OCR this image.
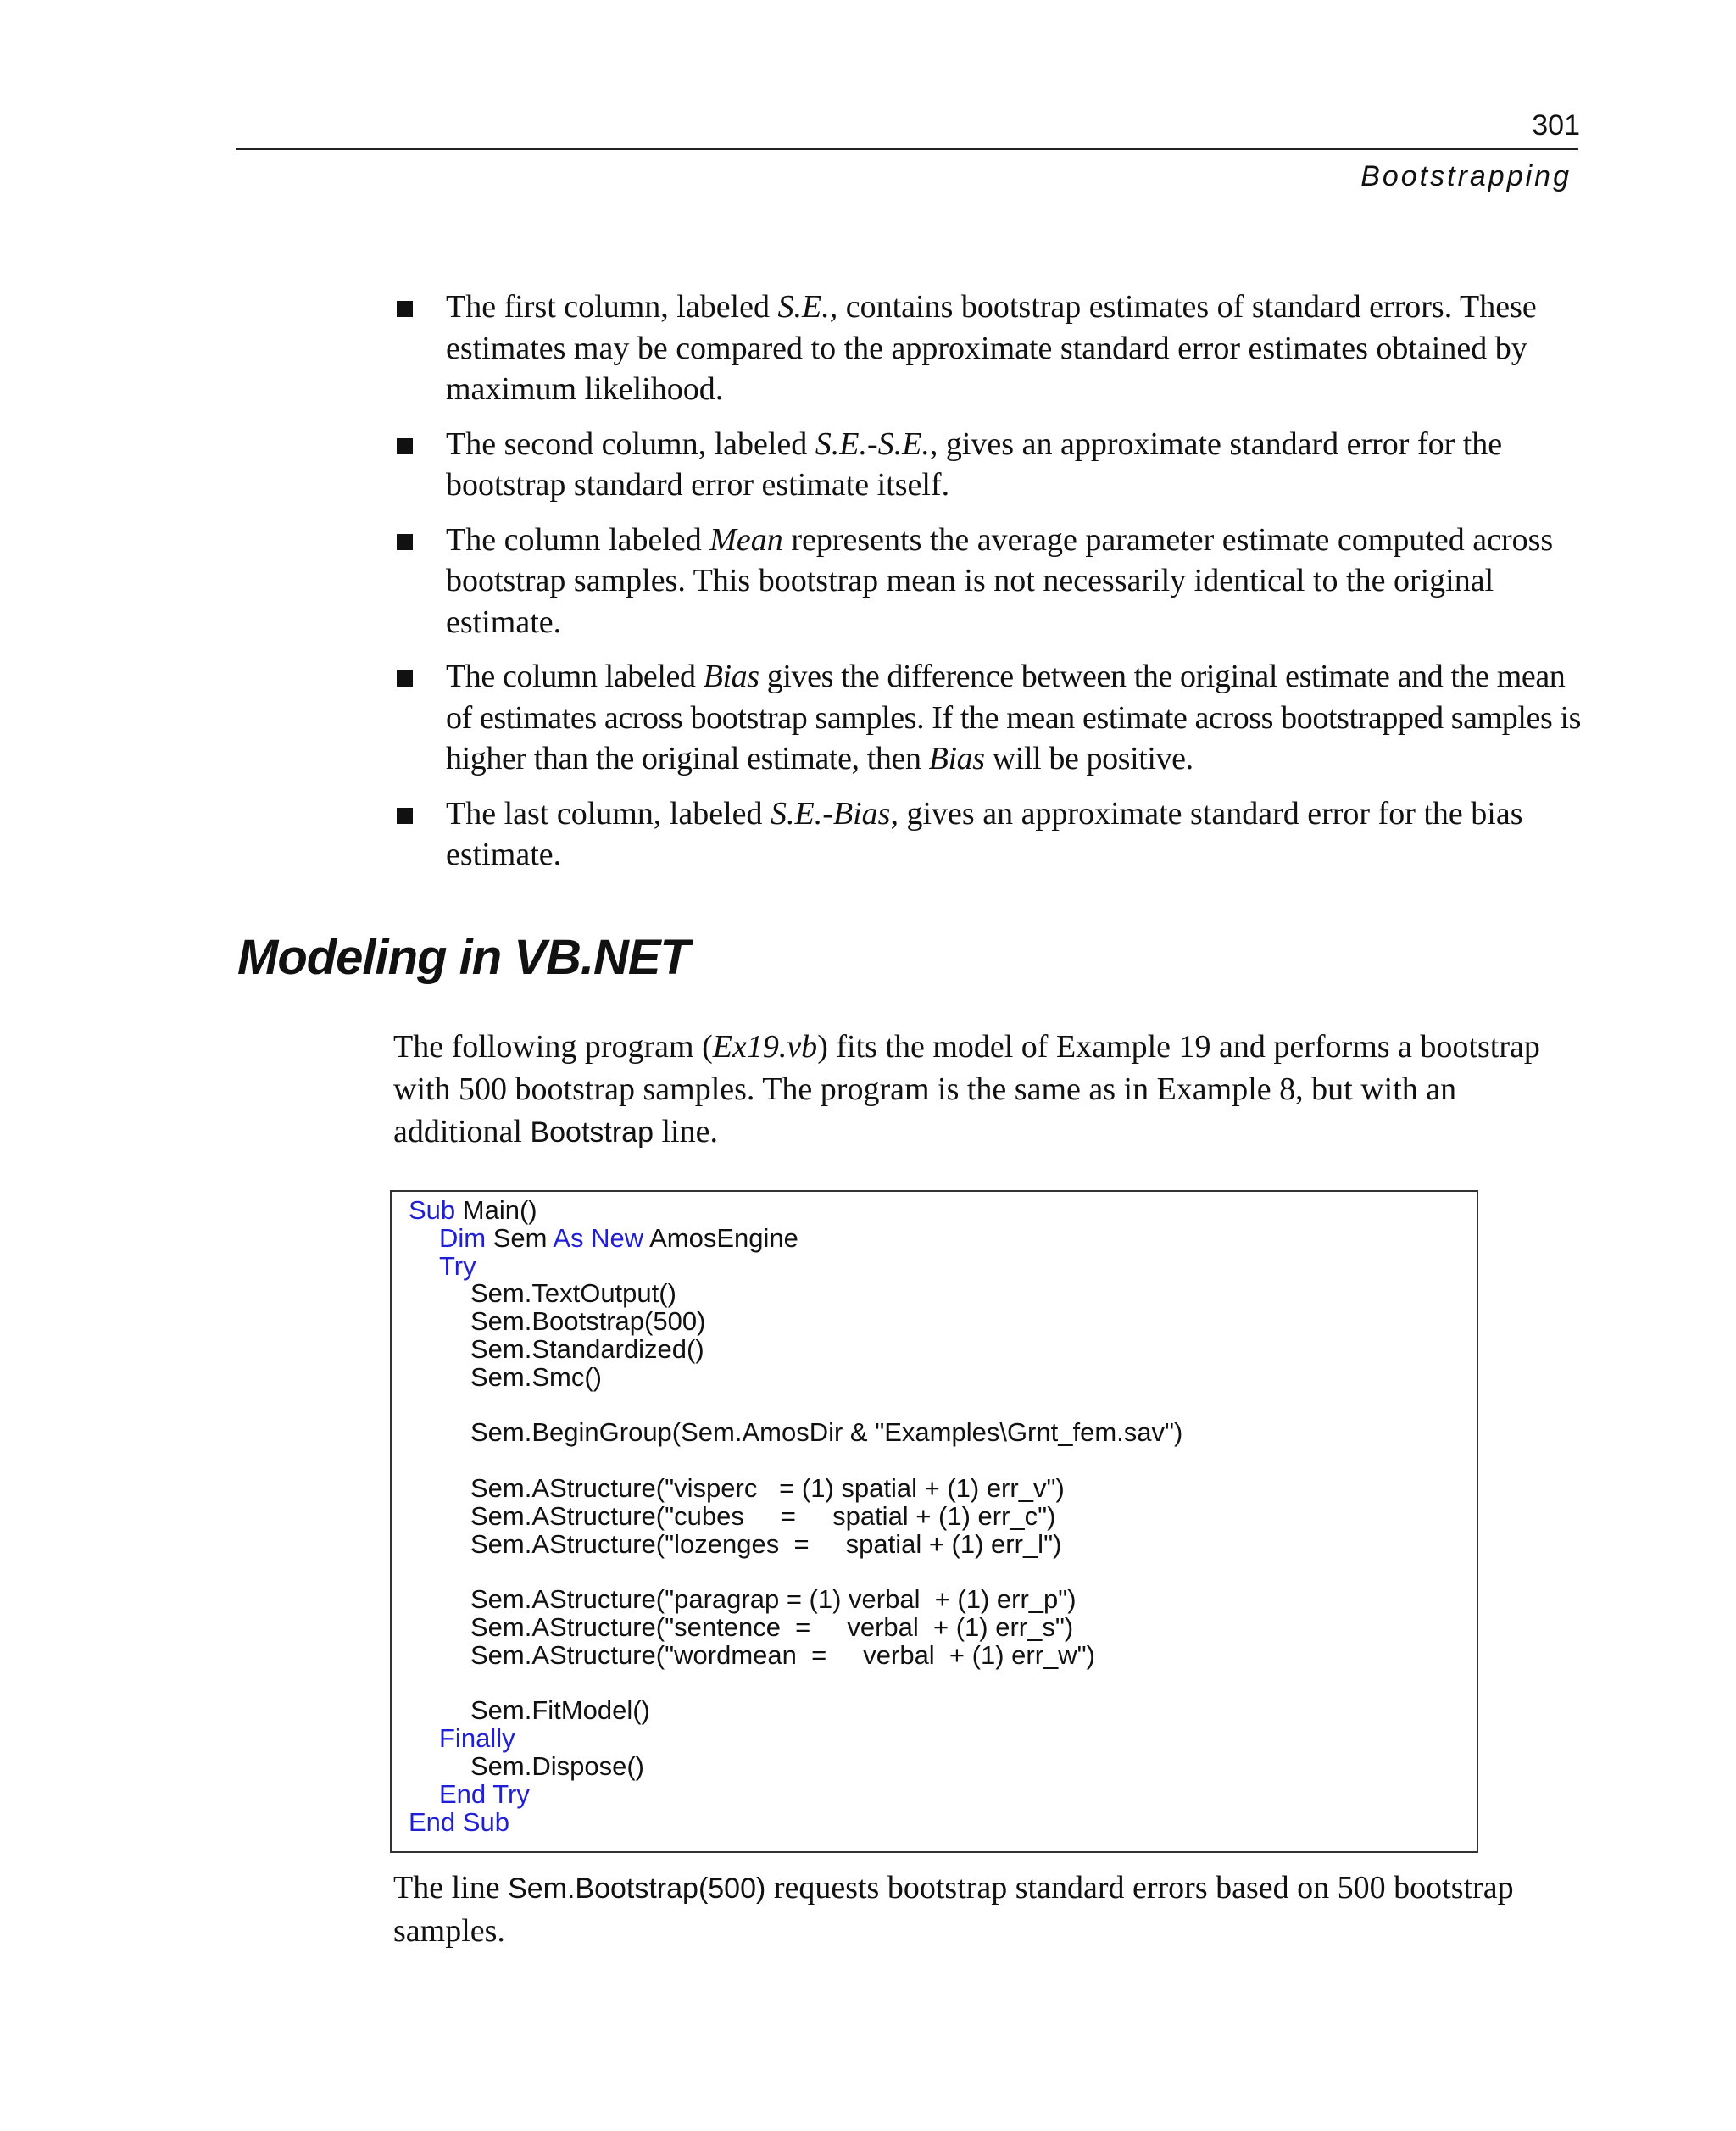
301
Bootstrapping
The first column, labeled S.E., contains bootstrap estimates of standard errors. These estimates may be compared to the approximate standard error estimates obtained by maximum likelihood.
The second column, labeled S.E.-S.E., gives an approximate standard error for the bootstrap standard error estimate itself.
The column labeled Mean represents the average parameter estimate computed across bootstrap samples. This bootstrap mean is not necessarily identical to the original estimate.
The column labeled Bias gives the difference between the original estimate and the mean of estimates across bootstrap samples. If the mean estimate across bootstrapped samples is higher than the original estimate, then Bias will be positive.
The last column, labeled S.E.-Bias, gives an approximate standard error for the bias estimate.
Modeling in VB.NET

The following program (Ex19.vb) fits the model of Example 19 and performs a bootstrap with 500 bootstrap samples. The program is the same as in Example 8, but with an additional Bootstrap line.

Sub Main()
Dim Sem As New AmosEngine
Try
Sem.TextOutput()
Sem.Bootstrap(500)
Sem.Standardized()
Sem.Smc()
Sem.BeginGroup(Sem.AmosDir & "Examples\Grnt_fem.sav")
Sem.AStructure("visperc   = (1) spatial + (1) err_v")
Sem.AStructure("cubes     =     spatial + (1) err_c")
Sem.AStructure("lozenges  =     spatial + (1) err_l")
Sem.AStructure("paragrap = (1) verbal  + (1) err_p")
Sem.AStructure("sentence  =     verbal  + (1) err_s")
Sem.AStructure("wordmean  =     verbal  + (1) err_w")
Sem.FitModel()
Finally
Sem.Dispose()
End Try
End Sub

The line Sem.Bootstrap(500) requests bootstrap standard errors based on 500 bootstrap samples.
